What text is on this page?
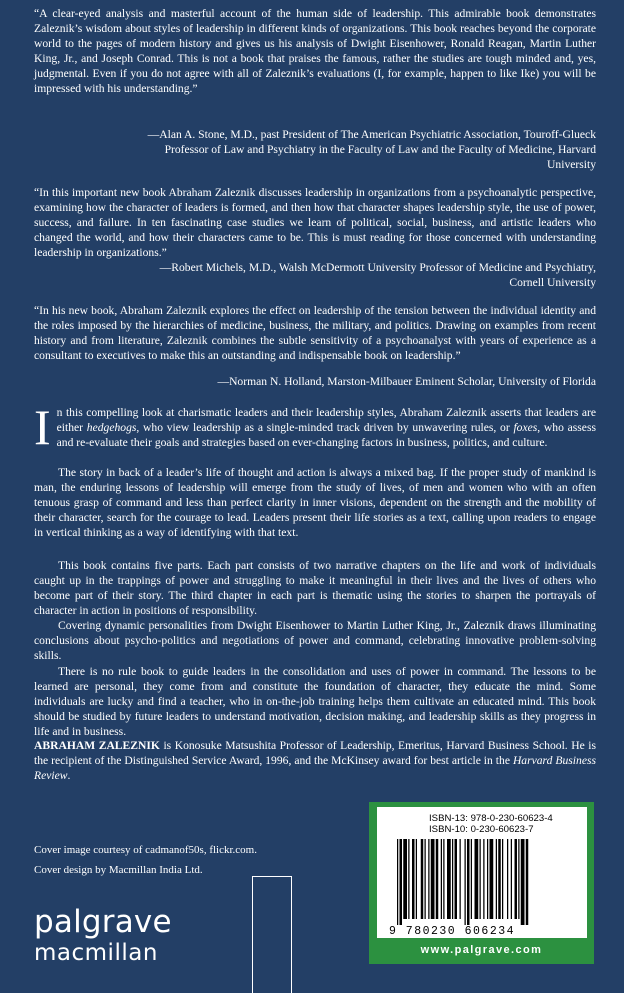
“A clear-eyed analysis and masterful account of the human side of leadership. This admirable book demonstrates Zaleznik’s wisdom about styles of leadership in different kinds of organizations. This book reaches beyond the corporate world to the pages of modern history and gives us his analysis of Dwight Eisenhower, Ronald Reagan, Martin Luther King, Jr., and Joseph Conrad. This is not a book that praises the famous, rather the studies are tough minded and, yes, judgmental. Even if you do not agree with all of Zaleznik’s evaluations (I, for example, happen to like Ike) you will be impressed with his understanding.”

—Alan A. Stone, M.D., past President of The American Psychiatric Association, Touroff-Glueck Professor of Law and Psychiatry in the Faculty of Law and the Faculty of Medicine, Harvard University

“In this important new book Abraham Zaleznik discusses leadership in organizations from a psychoanalytic perspective, examining how the character of leaders is formed, and then how that character shapes leadership style, the use of power, success, and failure. In ten fascinating case studies we learn of political, social, business, and artistic leaders who changed the world, and how their characters came to be. This is must reading for those concerned with understanding leadership in organizations.”

—Robert Michels, M.D., Walsh McDermott University Professor of Medicine and Psychiatry, Cornell University

“In his new book, Abraham Zaleznik explores the effect on leadership of the tension between the individual identity and the roles imposed by the hierarchies of medicine, business, the military, and politics. Drawing on examples from recent history and from literature, Zaleznik combines the subtle sensitivity of a psychoanalyst with years of experience as a consultant to executives to make this an outstanding and indispensable book on leadership.”

—Norman N. Holland, Marston-Milbauer Eminent Scholar, University of Florida

In this compelling look at charismatic leaders and their leadership styles, Abraham Zaleznik asserts that leaders are either hedgehogs, who view leadership as a single-minded track driven by unwavering rules, or foxes, who assess and re-evaluate their goals and strategies based on ever-changing factors in business, politics, and culture.

The story in back of a leader’s life of thought and action is always a mixed bag. If the proper study of mankind is man, the enduring lessons of leadership will emerge from the study of lives, of men and women who with an often tenuous grasp of command and less than perfect clarity in inner visions, dependent on the strength and the mobility of their character, search for the courage to lead. Leaders present their life stories as a text, calling upon readers to engage in vertical thinking as a way of identifying with that text.

This book contains five parts. Each part consists of two narrative chapters on the life and work of individuals caught up in the trappings of power and struggling to make it meaningful in their lives and the lives of others who become part of their story. The third chapter in each part is thematic using the stories to sharpen the portrayals of character in action in positions of responsibility.

Covering dynamic personalities from Dwight Eisenhower to Martin Luther King, Jr., Zaleznik draws illuminating conclusions about psycho-politics and negotiations of power and command, celebrating innovative problem-solving skills.

There is no rule book to guide leaders in the consolidation and uses of power in command. The lessons to be learned are personal, they come from and constitute the foundation of character, they educate the mind. Some individuals are lucky and find a teacher, who in on-the-job training helps them cultivate an educated mind. This book should be studied by future leaders to understand motivation, decision making, and leadership skills as they progress in life and in business.

ABRAHAM ZALEZNIK is Konosuke Matsushita Professor of Leadership, Emeritus, Harvard Business School. He is the recipient of the Distinguished Service Award, 1996, and the McKinsey award for best article in the Harvard Business Review.

Cover image courtesy of cadmanof50s, flickr.com.

Cover design by Macmillan India Ltd.

palgrave
macmillan

ISBN-13: 978-0-230-60623-4

ISBN-10: 0-230-60623-7

9 780230 606234
www.palgrave.com
